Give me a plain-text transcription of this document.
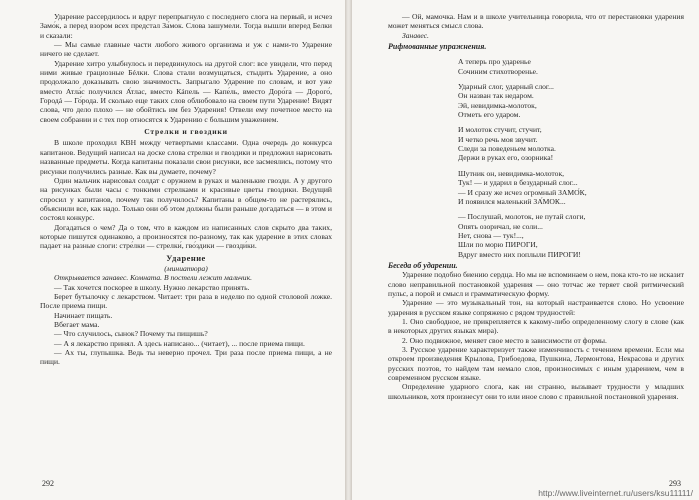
Ударение рассердилось и вдруг перепрыгнуло с последнего слога на первый, и исчез Замо́к, а перед взором всех предстал За́мок. Слова зашумели. Тогда вышли вперед Белки и сказали:

— Мы самые главные части любого живого организма и уж с нами-то Ударение ничего не сделает.

Ударение хитро улыбнулось и передвинулось на другой слог: все увидели, что перед ними живые грациозные Бéлки. Слова стали возмущаться, стыдить Ударение, а оно продолжало доказывать свою значимость. Запрыгало Ударение по словам, и вот уже вместо Атла́с получился А́тлас, вместо Кáпель — Капе́ль, вместо Доро́га — Дорого́, Городá — Го́рода. И сколько еще таких слов облюбовало на своем пути Ударение! Видят слова, что дело плохо — не обойтись им без Ударения! Отвели ему почетное место на своем собрании и с тех пор относятся к Ударению с большим уважением.

Стрелки и гвоздики

В школе проходил КВН между четвертыми классами. Одна очередь до конкурса капитанов. Ведущий написал на доске слова стрелки и гвоздики и предложил нарисовать названные предметы. Когда капитаны показали свои рисунки, все засмеялись, потому что рисунки получились разные. Как вы думаете, почему?

Один мальчик нарисовал солдат с оружием в руках и маленькие гвозди. А у другого на рисунках были часы с тонкими стрелками и красивые цветы гвоздики. Ведущий спросил у капитанов, почему так получилось? Капитаны в общем-то не растерялись, объяснили все, как надо. Только они об этом должны были раньше догадаться — в этом и состоял конкурс.

Догадаться о чем? Да о том, что в каждом из написанных слов скрыто два таких, которые пишутся одинаково, а произносятся по-разному, так как ударение в этих словах падает на разные слоги: стре́лки — стрелки́, гво́здики — гвозди́ки.

Ударение

(миниатюра)

Открывается занавес. Комната. В постели лежит мальчик.

— Так хочется поскорее в школу. Нужно лекарство принять.

Берет бутылочку с лекарством. Читает: три раза в неделю по одной столовой ложке. После приема пищи.

Начинает пищать.

Вбегает мама.

— Что случилось, сынок? Почему ты пищишь?

— А я лекарство принял. А здесь написано... (читает), ... после приема пищи.

— Ах ты, глупышка. Ведь ты неверно прочел. Три раза после приема пищи, а не пищи.

292

— Ой, мамочка. Нам и в школе учительница говорила, что от перестановки ударения может меняться смысл слова.

Занавес.

Рифмованные упражнения.

А теперь про ударенье

Сочиним стихотворенье.

Ударный слог, ударный слог...

Он назван так недаром.

Эй, невидимка-молоток,

Отметь его ударом.

И молоток стучит, стучит,

И четко речь моя звучит.

Следи за поведеньем молотка.

Держи в руках его, озорника!

Шутник он, невидимка-молоток,

Тук! — и ударил в безударный слог...

— И сразу же исчез огромный ЗАМО́К,

И появился маленький ЗА́МОК...

— Послушай, молоток, не путай слоги,

Опять озоричал, не соли...

Нет, снова — тук!...,

Шли по морю ПИРОГИ,

Вдруг вместо них поплыли ПИРОГИ!

Беседа об ударении.

Ударение подобно биению сердца. Но мы не вспоминаем о нем, пока кто-то не исказит слово неправильной постановкой ударения — оно тотчас же теряет свой ритмический пульс, а порой и смысл и грамматическую форму.

Ударение — это музыкальный тон, на который настраивается слово. Но усвоение ударения в русском языке сопряжено с рядом трудностей:

1. Оно свободное, не прикрепляется к какому-либо определенному слогу в слове (как в некоторых других языках мира).

2. Оно подвижное, меняет свое место в зависимости от формы.

3. Русское ударение характеризует также изменчивость с течением времени. Если мы откроем произведения Крылова, Грибоедова, Пушкина, Лермонтова, Некрасова и других русских поэтов, то найдем там немало слов, произносимых с иным ударением, чем в современном русском языке.

Определение ударного слога, как ни странно, вызывает трудности у младших школьников, хотя произнесут они то или иное слово с правильной постановкой ударения.

293
http://www.liveinternet.ru/users/ksu11111/
